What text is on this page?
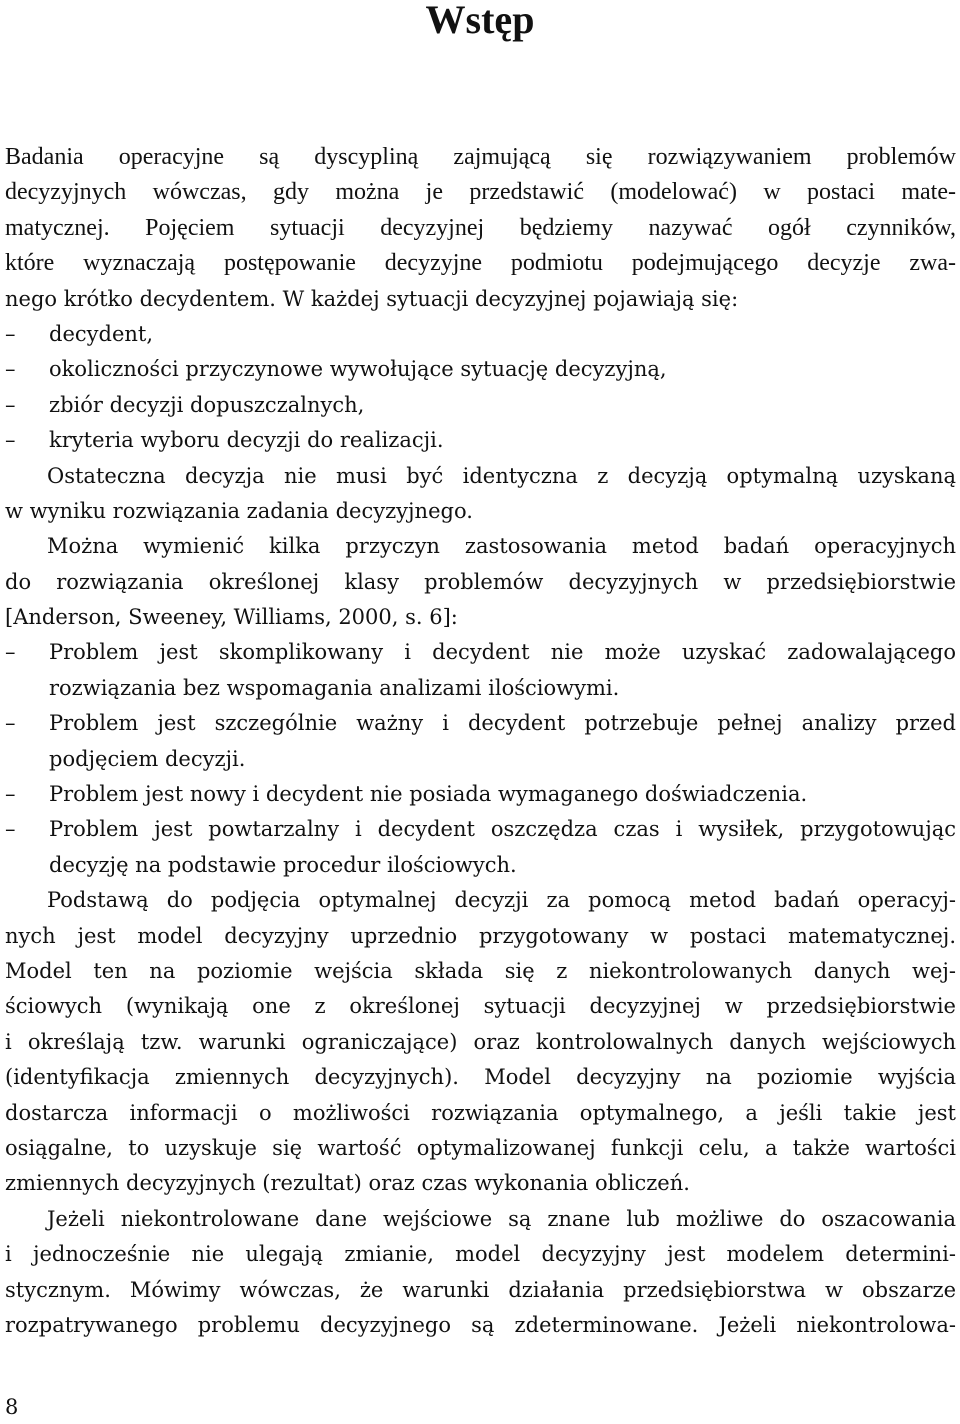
Wstęp
Badania operacyjne są dyscypliną zajmującą się rozwiązywaniem problemów
decyzyjnych wówczas, gdy można je przedstawić (modelować) w postaci mate-
matycznej. Pojęciem sytuacji decyzyjnej będziemy nazywać ogół czynników,
które wyznaczają postępowanie decyzyjne podmiotu podejmującego decyzje zwa-
nego krótko decydentem. W każdej sytuacji decyzyjnej pojawiają się:
–	decydent,
–	okoliczności przyczynowe wywołujące sytuację decyzyjną,
–	zbiór decyzji dopuszczalnych,
–	kryteria wyboru decyzji do realizacji.
Ostateczna decyzja nie musi być identyczna z decyzją optymalną uzyskaną
w wyniku rozwiązania zadania decyzyjnego.
Można wymienić kilka przyczyn zastosowania metod badań operacyjnych
do rozwiązania określonej klasy problemów decyzyjnych w przedsiębiorstwie
[Anderson, Sweeney, Williams, 2000, s. 6]:
–	Problem jest skomplikowany i decydent nie może uzyskać zadowalającego
rozwiązania bez wspomagania analizami ilościowymi.
–	Problem jest szczególnie ważny i decydent potrzebuje pełnej analizy przed
podjęciem decyzji.
–	Problem jest nowy i decydent nie posiada wymaganego doświadczenia.
–	Problem jest powtarzalny i decydent oszczędza czas i wysiłek, przygotowując
decyzję na podstawie procedur ilościowych.
Podstawą do podjęcia optymalnej decyzji za pomocą metod badań operacyj-
nych jest model decyzyjny uprzednio przygotowany w postaci matematycznej.
Model ten na poziomie wejścia składa się z niekontrolowanych danych wej-
ściowych (wynikają one z określonej sytuacji decyzyjnej w przedsiębiorstwie
i określają tzw. warunki ograniczające) oraz kontrolowalnych danych wejściowych
(identyfikacja zmiennych decyzyjnych). Model decyzyjny na poziomie wyjścia
dostarcza informacji o możliwości rozwiązania optymalnego, a jeśli takie jest
osiągalne, to uzyskuje się wartość optymalizowanej funkcji celu, a także wartości
zmiennych decyzyjnych (rezultat) oraz czas wykonania obliczeń.
Jeżeli niekontrolowane dane wejściowe są znane lub możliwe do oszacowania
i jednocześnie nie ulegają zmianie, model decyzyjny jest modelem determini-
stycznym. Mówimy wówczas, że warunki działania przedsiębiorstwa w obszarze
rozpatrywanego problemu decyzyjnego są zdeterminowane. Jeżeli niekontrolowa-
8
